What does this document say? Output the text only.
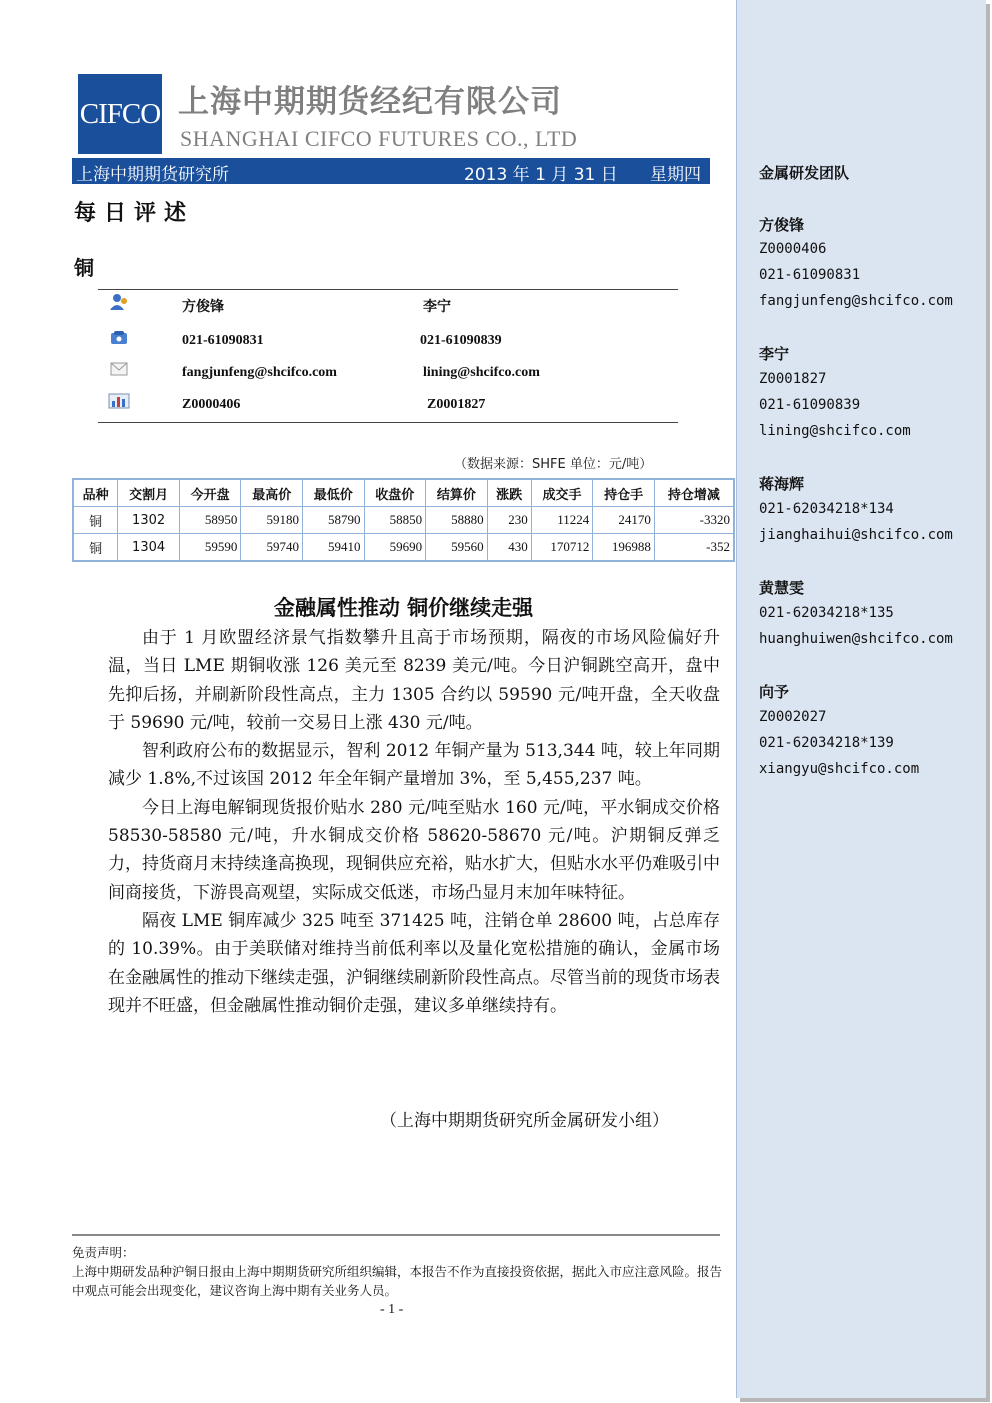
CIFCO 上海中期期货经纪有限公司
SHANGHAI CIFCO FUTURES CO., LTD
上海中期期货研究所	2013 年 1 月 31 日 星期四
每日评述
铜
方俊锋	李宁
021-61090831	021-61090839
fangjunfeng@shcifco.com	lining@shcifco.com
Z0000406	Z0001827
（数据来源：SHFE 单位：元/吨）
品种	交割月	今开盘	最高价	最低价	收盘价	结算价	涨跌	成交手	持仓手	持仓增减
铜	1302	58950	59180	58790	58850	58880	230	11224	24170	-3320
铜	1304	59590	59740	59410	59690	59560	430	170712	196988	-352
金融属性推动 铜价继续走强

由于 1 月欧盟经济景气指数攀升且高于市场预期，隔夜的市场风险偏好升温，当日 LME 期铜收涨 126 美元至 8239 美元/吨。今日沪铜跳空高开，盘中先抑后扬，并刷新阶段性高点，主力 1305 合约以 59590 元/吨开盘，全天收盘于 59690 元/吨，较前一交易日上涨 430 元/吨。

智利政府公布的数据显示，智利 2012 年铜产量为 513,344 吨，较上年同期减少 1.8%,不过该国 2012 年全年铜产量增加 3%，至 5,455,237 吨。

今日上海电解铜现货报价贴水 280 元/吨至贴水 160 元/吨，平水铜成交价格 58530-58580 元/吨，升水铜成交价格 58620-58670 元/吨。沪期铜反弹乏力，持货商月末持续逢高换现，现铜供应充裕，贴水扩大，但贴水水平仍难吸引中间商接货，下游畏高观望，实际成交低迷，市场凸显月末加年味特征。

隔夜 LME 铜库减少 325 吨至 371425 吨，注销仓单 28600 吨，占总库存的 10.39%。由于美联储对维持当前低利率以及量化宽松措施的确认，金属市场在金融属性的推动下继续走强，沪铜继续刷新阶段性高点。尽管当前的现货市场表现并不旺盛，但金融属性推动铜价走强，建议多单继续持有。

（上海中期期货研究所金属研发小组）
免责声明：
上海中期研发品种沪铜日报由上海中期期货研究所组织编辑，本报告不作为直接投资依据，据此入市应注意风险。报告中观点可能会出现变化，建议咨询上海中期有关业务人员。
- 1 -
金属研发团队
方俊锋
Z0000406
021-61090831
fangjunfeng@shcifco.com
李宁
Z0001827
021-61090839
lining@shcifco.com
蒋海辉
021-62034218*134
jianghaihui@shcifco.com
黄慧雯
021-62034218*135
huanghuiwen@shcifco.com
向予
Z0002027
021-62034218*139
xiangyu@shcifco.com
